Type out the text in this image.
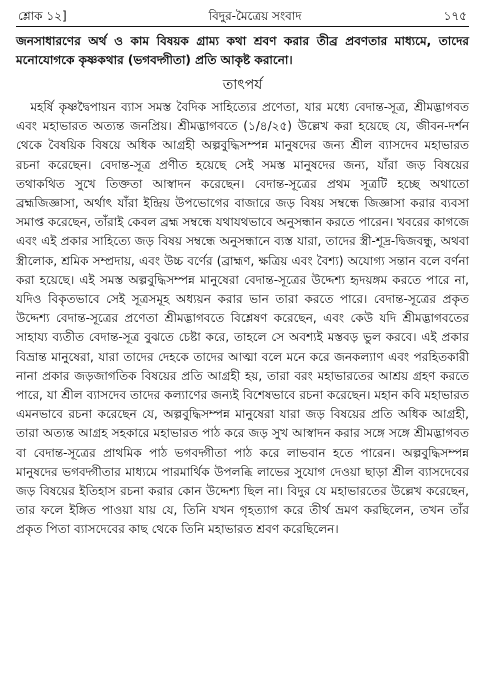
শ্লোক ১২]	বিদুর-মৈত্রেয় সংবাদ	১৭৫

জনসাধারণের অর্থ ও কাম বিষয়ক গ্রাম্য কথা শ্রবণ করার তীব্র প্রবণতার মাধ্যমে, তাদের মনোযোগকে কৃষ্ণকথার (ভগবদ্গীতা) প্রতি আকৃষ্ট করানো।

তাৎপর্য

মহর্ষি কৃষ্ণদ্বৈপায়ন ব্যাস সমস্ত বৈদিক সাহিত্যের প্রণেতা, যার মধ্যে বেদান্ত-সূত্র, শ্রীমদ্ভাগবত এবং মহাভারত অত্যন্ত জনপ্রিয়। শ্রীমদ্ভাগবতে (১/৪/২৫) উল্লেখ করা হয়েছে যে, জীবন-দর্শন থেকে বৈষয়িক বিষয়ে অধিক আগ্রহী অল্পবুদ্ধিসম্পন্ন মানুষদের জন্য শ্রীল ব্যাসদেব মহাভারত রচনা করেছেন। বেদান্ত-সূত্র প্রণীত হয়েছে সেই সমস্ত মানুষদের জন্য, যাঁরা জড় বিষয়ের তথাকথিত সুখে তিক্ততা আস্বাদন করেছেন। বেদান্ত-সূত্রের প্রথম সূত্রটি হচ্ছে অথাতো ব্রহ্মজিজ্ঞাসা, অর্থাৎ যাঁরা ইন্দ্রিয় উপভোগের বাজারে জড় বিষয় সম্বন্ধে জিজ্ঞাসা করার ব্যবসা সমাপ্ত করেছেন, তাঁরাই কেবল ব্রহ্ম সম্বন্ধে যথাযথভাবে অনুসন্ধান করতে পারেন। খবরের কাগজে এবং এই প্রকার সাহিত্যে জড় বিষয় সম্বন্ধে অনুসন্ধানে ব্যস্ত যারা, তাদের স্ত্রী-শূদ্র-দ্বিজবন্ধু, অথবা স্ত্রীলোক, শ্রমিক সম্প্রদায়, এবং উচ্চ বর্ণের (ব্রাহ্মণ, ক্ষত্রিয় এবং বৈশ্য) অযোগ্য সন্তান বলে বর্ণনা করা হয়েছে। এই সমস্ত অল্পবুদ্ধিসম্পন্ন মানুষেরা বেদান্ত-সূত্রের উদ্দেশ্য হৃদয়ঙ্গম করতে পারে না, যদিও বিকৃতভাবে সেই সূত্রসমূহ অধ্যয়ন করার ভান তারা করতে পারে। বেদান্ত-সূত্রের প্রকৃত উদ্দেশ্য বেদান্ত-সূত্রের প্রণেতা শ্রীমদ্ভাগবতে বিশ্লেষণ করেছেন, এবং কেউ যদি শ্রীমদ্ভাগবতের সাহায্য ব্যতীত বেদান্ত-সূত্র বুঝতে চেষ্টা করে, তাহলে সে অবশ্যই মস্তবড় ভুল করবে। এই প্রকার বিভ্রান্ত মানুষেরা, যারা তাদের দেহকে তাদের আত্মা বলে মনে করে জনকল্যাণ এবং পরহিতকারী নানা প্রকার জড়জাগতিক বিষয়ের প্রতি আগ্রহী হয়, তারা বরং মহাভারতের আশ্রয় গ্রহণ করতে পারে, যা শ্রীল ব্যাসদেব তাদের কল্যাণের জন্যই বিশেষভাবে রচনা করেছেন। মহান কবি মহাভারত এমনভাবে রচনা করেছেন যে, অল্পবুদ্ধিসম্পন্ন মানুষেরা যারা জড় বিষয়ের প্রতি অধিক আগ্রহী, তারা অত্যন্ত আগ্রহ সহকারে মহাভারত পাঠ করে জড় সুখ আস্বাদন করার সঙ্গে সঙ্গে শ্রীমদ্ভাগবত বা বেদান্ত-সূত্রের প্রাথমিক পাঠ ভগবদ্গীতা পাঠ করে লাভবান হতে পারেন। অল্পবুদ্ধিসম্পন্ন মানুষদের ভগবদ্গীতার মাধ্যমে পারমার্থিক উপলব্ধি লাভের সুযোগ দেওয়া ছাড়া শ্রীল ব্যাসদেবের জড় বিষয়ের ইতিহাস রচনা করার কোন উদ্দেশ্য ছিল না। বিদুর যে মহাভারতের উল্লেখ করেছেন, তার ফলে ইঙ্গিত পাওয়া যায় যে, তিনি যখন গৃহত্যাগ করে তীর্থ ভ্রমণ করছিলেন, তখন তাঁর প্রকৃত পিতা ব্যাসদেবের কাছ থেকে তিনি মহাভারত শ্রবণ করেছিলেন।
